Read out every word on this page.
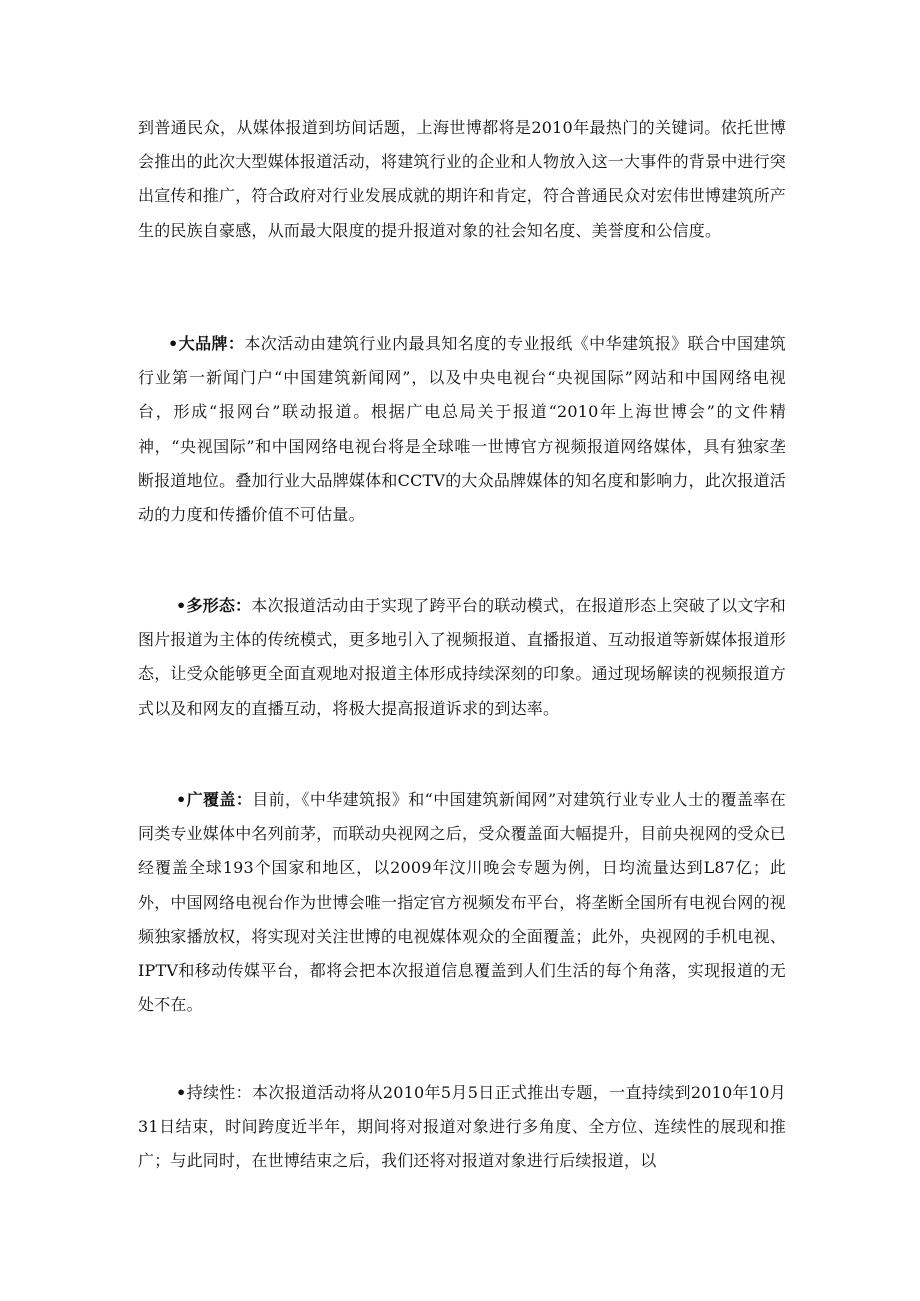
到普通民众，从媒体报道到坊间话题，上海世博都将是2010年最热门的关键词。依托世博会推出的此次大型媒体报道活动，将建筑行业的企业和人物放入这一大事件的背景中进行突出宣传和推广，符合政府对行业发展成就的期许和肯定，符合普通民众对宏伟世博建筑所产生的民族自豪感，从而最大限度的提升报道对象的社会知名度、美誉度和公信度。

•大品牌：本次活动由建筑行业内最具知名度的专业报纸《中华建筑报》联合中国建筑行业第一新闻门户“中国建筑新闻网”，以及中央电视台“央视国际”网站和中国网络电视台，形成“报网台”联动报道。根据广电总局关于报道“2010年上海世博会”的文件精神，“央视国际”和中国网络电视台将是全球唯一世博官方视频报道网络媒体，具有独家垄断报道地位。叠加行业大品牌媒体和CCTV的大众品牌媒体的知名度和影响力，此次报道活动的力度和传播价值不可估量。

•多形态：本次报道活动由于实现了跨平台的联动模式，在报道形态上突破了以文字和图片报道为主体的传统模式，更多地引入了视频报道、直播报道、互动报道等新媒体报道形态，让受众能够更全面直观地对报道主体形成持续深刻的印象。通过现场解读的视频报道方式以及和网友的直播互动，将极大提高报道诉求的到达率。

•广覆盖：目前，《中华建筑报》和“中国建筑新闻网”对建筑行业专业人士的覆盖率在同类专业媒体中名列前茅，而联动央视网之后，受众覆盖面大幅提升，目前央视网的受众已经覆盖全球193个国家和地区，以2009年汶川晚会专题为例，日均流量达到L87亿；此外，中国网络电视台作为世博会唯一指定官方视频发布平台，将垄断全国所有电视台网的视频独家播放权，将实现对关注世博的电视媒体观众的全面覆盖；此外，央视网的手机电视、IPTV和移动传媒平台，都将会把本次报道信息覆盖到人们生活的每个角落，实现报道的无处不在。

•持续性：本次报道活动将从2010年5月5日正式推出专题，一直持续到2010年10月31日结束，时间跨度近半年，期间将对报道对象进行多角度、全方位、连续性的展现和推广；与此同时，在世博结束之后，我们还将对报道对象进行后续报道，以
